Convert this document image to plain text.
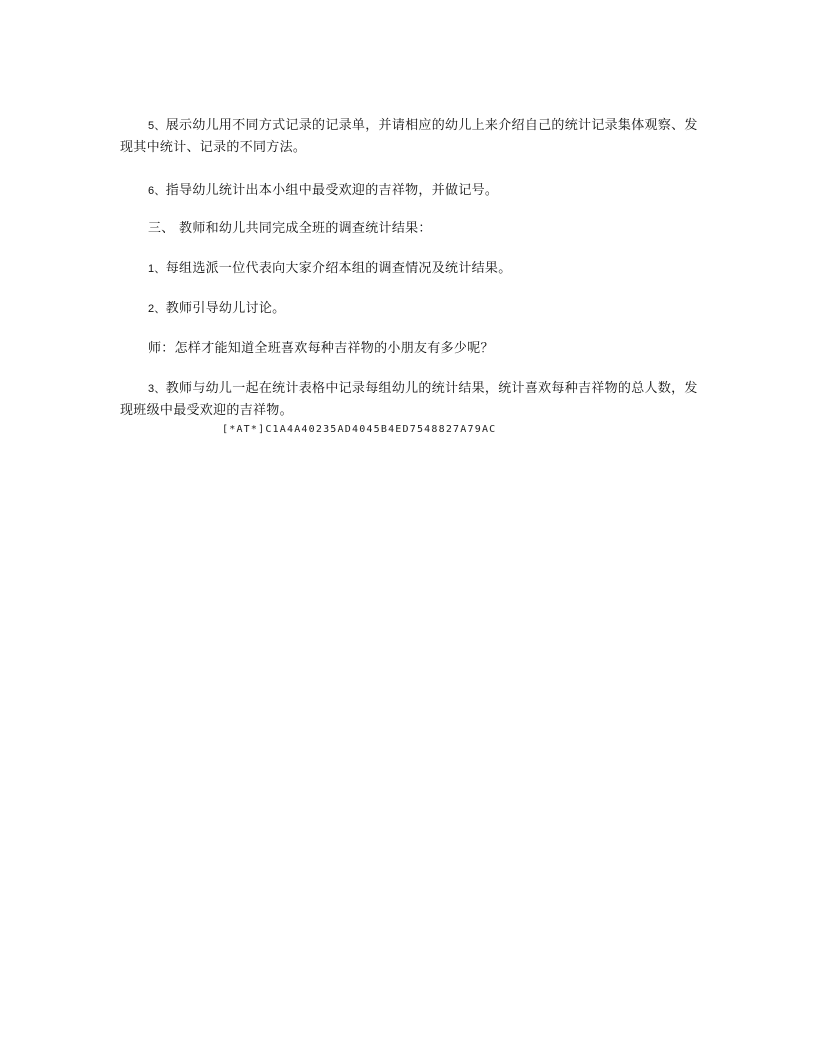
5、展示幼儿用不同方式记录的记录单，并请相应的幼儿上来介绍自己的统计记录集体观察、发现其中统计、记录的不同方法。

6、指导幼儿统计出本小组中最受欢迎的吉祥物，并做记号。

三、 教师和幼儿共同完成全班的调查统计结果：

1、每组选派一位代表向大家介绍本组的调查情况及统计结果。

2、教师引导幼儿讨论。

师：怎样才能知道全班喜欢每种吉祥物的小朋友有多少呢？

3、教师与幼儿一起在统计表格中记录每组幼儿的统计结果，统计喜欢每种吉祥物的总人数，发现班级中最受欢迎的吉祥物。

[*AT*]C1A4A40235AD4045B4ED7548827A79AC
